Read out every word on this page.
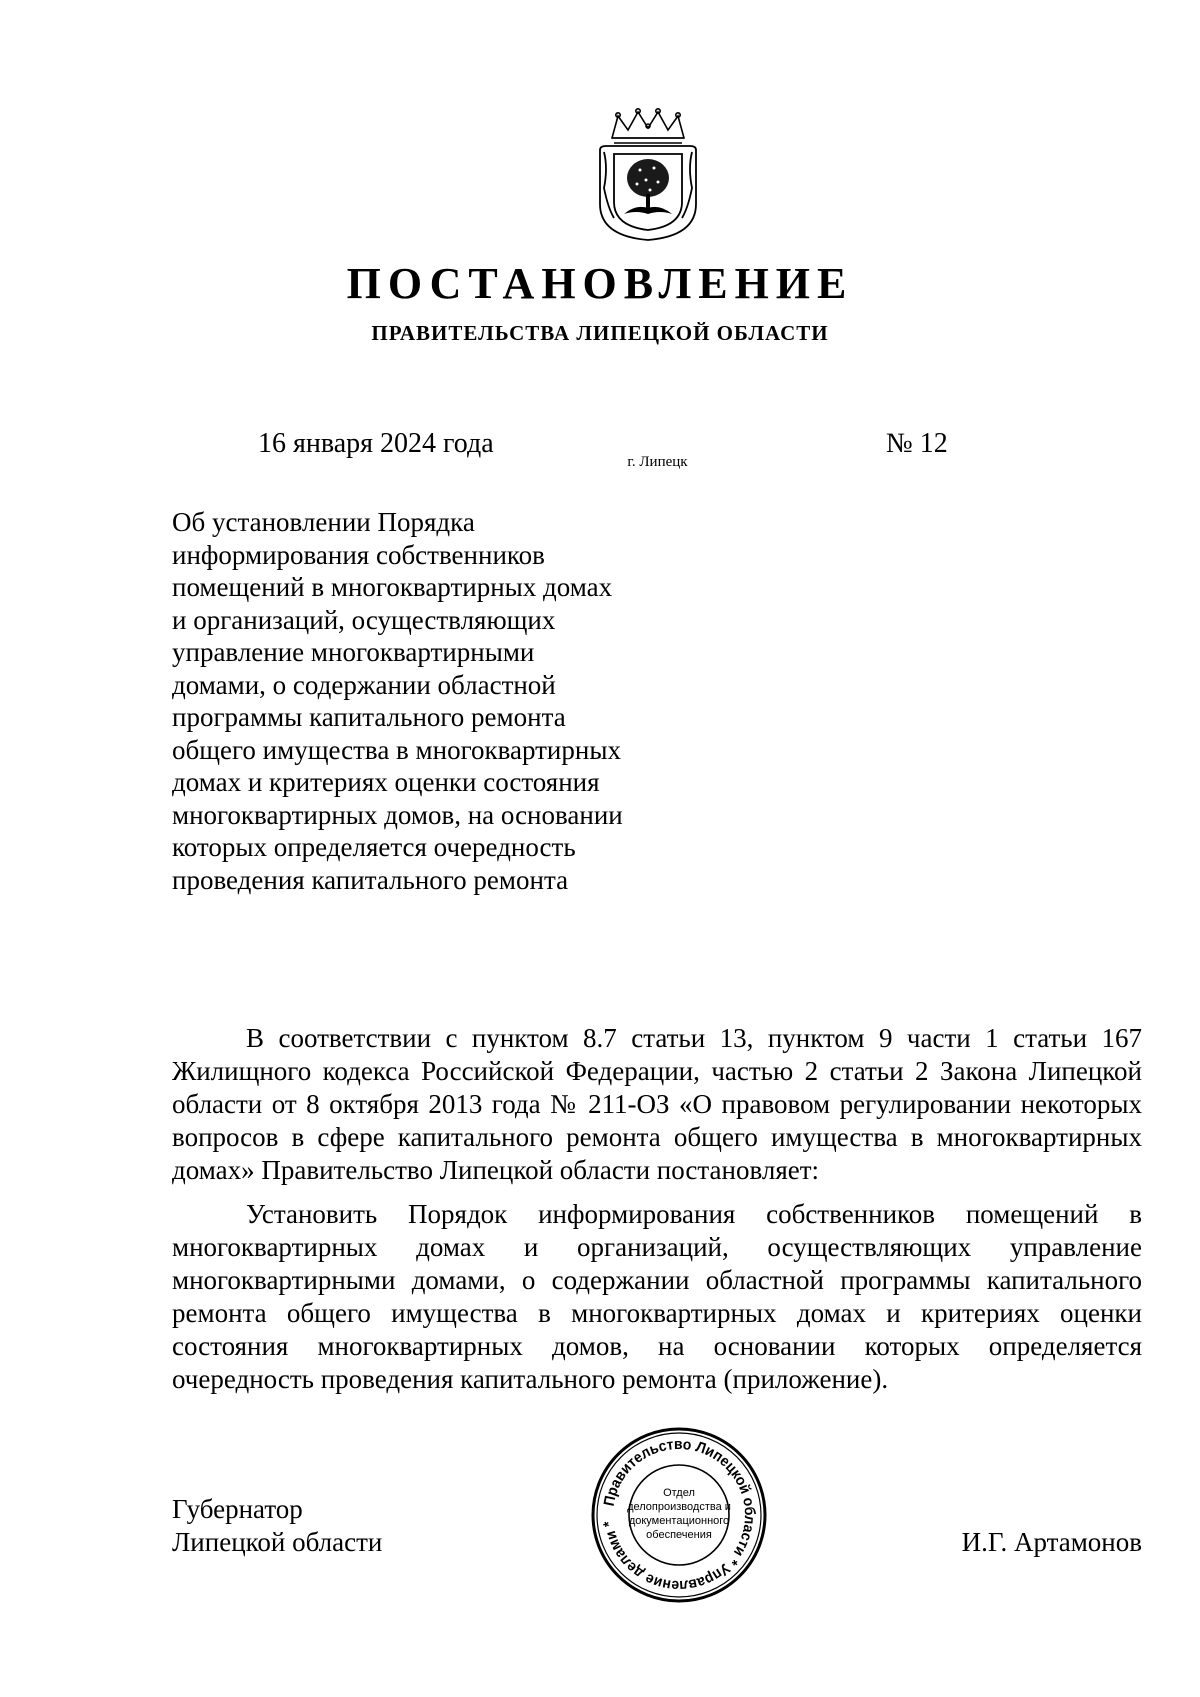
ПОСТАНОВЛЕНИЕ
ПРАВИТЕЛЬСТВА ЛИПЕЦКОЙ ОБЛАСТИ
16 января 2024 года
г. Липецк
№ 12
Об установлении Порядка
информирования собственников
помещений в многоквартирных домах
и организаций, осуществляющих
управление многоквартирными
домами, о содержании областной
программы капитального ремонта
общего имущества в многоквартирных
домах и критериях оценки состояния
многоквартирных домов, на основании
которых определяется очередность
проведения капитального ремонта

В соответствии с пунктом 8.7 статьи 13, пунктом 9 части 1 статьи 167 Жилищного кодекса Российской Федерации, частью 2 статьи 2 Закона Липецкой области от 8 октября 2013 года № 211-ОЗ «О правовом регулировании некоторых вопросов в сфере капитального ремонта общего имущества в многоквартирных домах» Правительство Липецкой области постановляет:

Установить Порядок информирования собственников помещений в многоквартирных домах и организаций, осуществляющих управление многоквартирными домами, о содержании областной программы капитального ремонта общего имущества в многоквартирных домах и критериях оценки состояния многоквартирных домов, на основании которых определяется очередность проведения капитального ремонта (приложение).

Губернатор
Липецкой области
Правительство Липецкой области * Управление делами *
Отдел
делопроизводства и
документационного
обеспечения	И.Г. Артамонов
